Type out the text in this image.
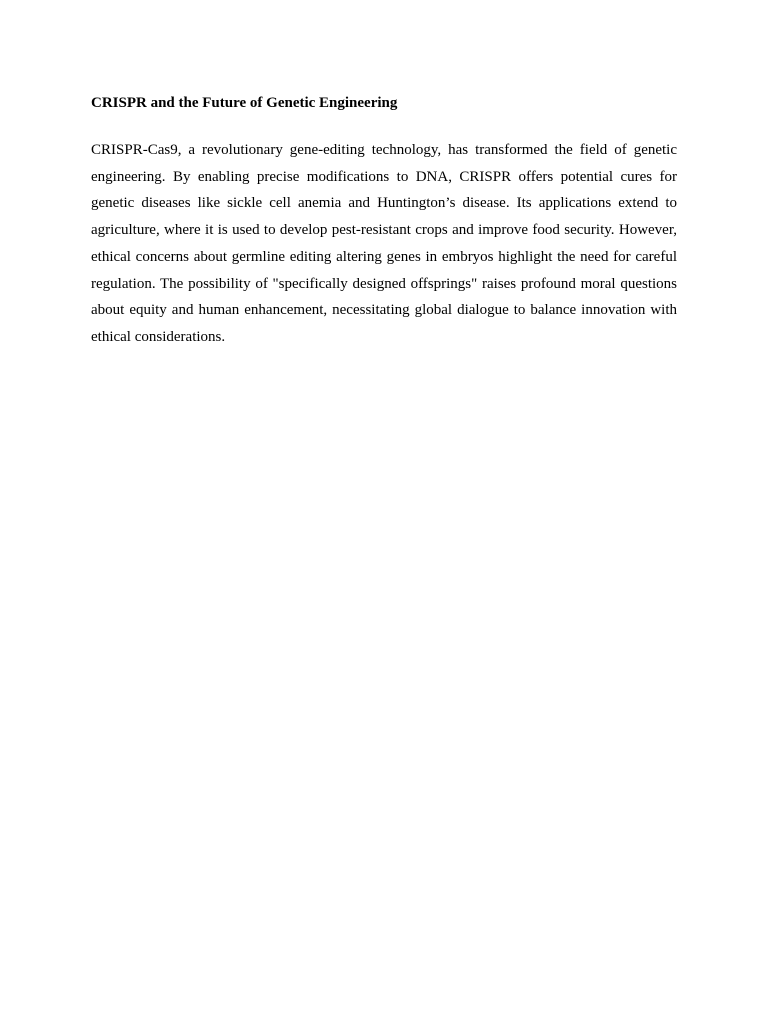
CRISPR and the Future of Genetic Engineering

CRISPR-Cas9, a revolutionary gene-editing technology, has transformed the field of genetic engineering. By enabling precise modifications to DNA, CRISPR offers potential cures for genetic diseases like sickle cell anemia and Huntington’s disease. Its applications extend to agriculture, where it is used to develop pest-resistant crops and improve food security. However, ethical concerns about germline editing altering genes in embryos highlight the need for careful regulation. The possibility of "specifically designed offsprings" raises profound moral questions about equity and human enhancement, necessitating global dialogue to balance innovation with ethical considerations.
